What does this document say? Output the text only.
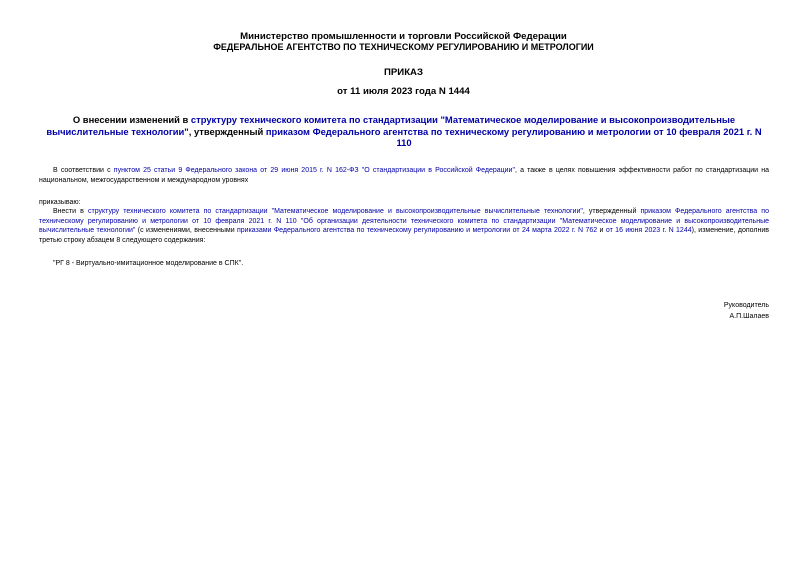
Министерство промышленности и торговли Российской Федерации
ФЕДЕРАЛЬНОЕ АГЕНТСТВО ПО ТЕХНИЧЕСКОМУ РЕГУЛИРОВАНИЮ И МЕТРОЛОГИИ
ПРИКАЗ
от 11 июля 2023 года N 1444
О внесении изменений в структуру технического комитета по стандартизации "Математическое моделирование и высокопроизводительные вычислительные технологии", утвержденный приказом Федерального агентства по техническому регулированию и метрологии от 10 февраля 2021 г. N 110
В соответствии с пунктом 25 статьи 9 Федерального закона от 29 июня 2015 г. N 162-ФЗ "О стандартизации в Российской Федерации", а также в целях повышения эффективности работ по стандартизации на национальном, межгосударственном и международном уровнях
приказываю:
Внести в структуру технического комитета по стандартизации "Математическое моделирование и высокопроизводительные вычислительные технологии", утвержденный приказом Федерального агентства по техническому регулированию и метрологии от 10 февраля 2021 г. N 110 "Об организации деятельности технического комитета по стандартизации "Математическое моделирование и высокопроизводительные вычислительные технологии" (с изменениями, внесенными приказами Федерального агентства по техническому регулированию и метрологии от 24 марта 2022 г. N 762 и от 16 июня 2023 г. N 1244), изменение, дополнив третью строку абзацем 8 следующего содержания:
"РГ 8 - Виртуально-имитационное моделирование в СПК".
Руководитель
А.П.Шалаев
